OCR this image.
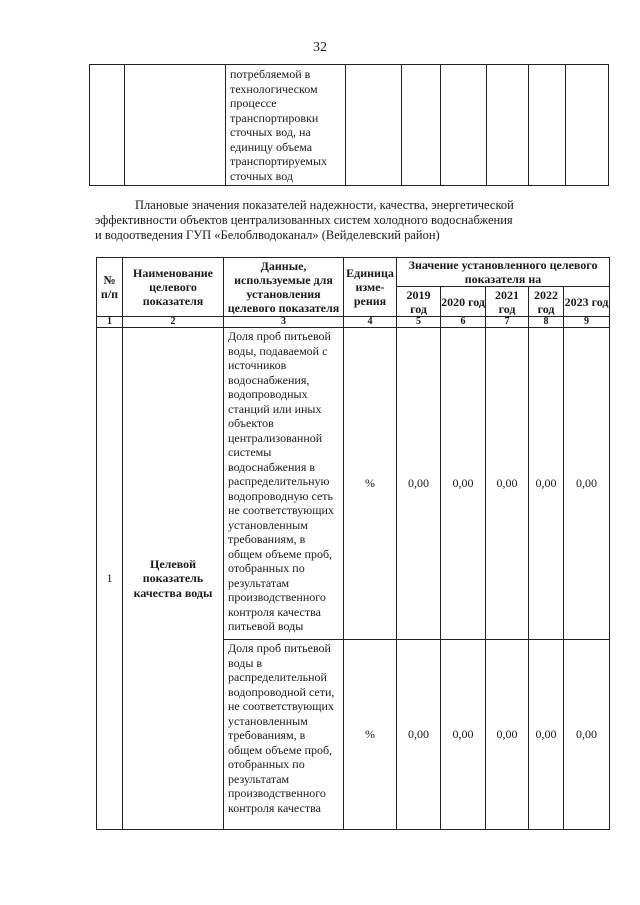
32
		потребляемой в технологическом процессе транспортировки сточных вод, на единицу объема транспортируемых сточных вод						
Плановые значения показателей надежности, качества, энергетической
эффективности объектов централизованных систем холодного водоснабжения
и водоотведения ГУП «Белоблводоканал» (Вейделевский район)
№ п/п	Наименование целевого показателя	Данные, используемые для установления целевого показателя	Единица изме-рения	Значение установленного целевого показателя на				
				2019 год	2020 год	2021 год	2022 год	2023 год
1	2	3	4	5	6	7	8	9
1	Целевой показатель качества воды	Доля проб питьевой воды, подаваемой с источников водоснабжения, водопроводных станций или иных объектов централизованной системы водоснабжения в распределительную водопроводную сеть не соответствующих установленным требованиям, в общем объеме проб, отобранных по результатам производственного контроля качества питьевой воды	%	0,00	0,00	0,00	0,00	0,00
		Доля проб питьевой воды в распределительной водопроводной сети, не соответствующих установленным требованиям, в общем объеме проб, отобранных по результатам производственного контроля качества	%	0,00	0,00	0,00	0,00	0,00
